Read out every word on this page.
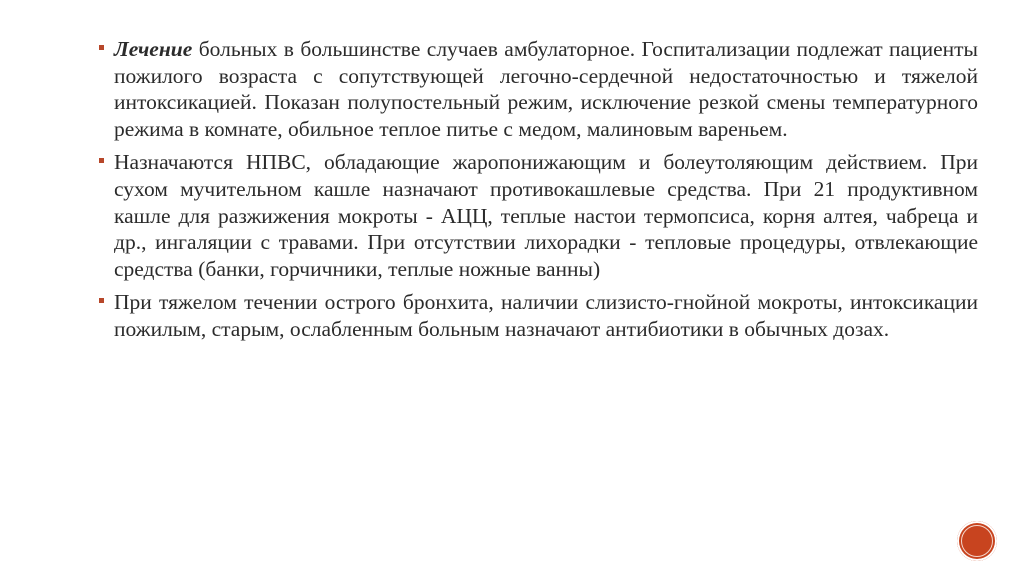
Лечение больных в большинстве случаев амбулаторное. Госпитализации подлежат пациенты пожилого возраста с сопутствующей легочно-сердечной недостаточностью и тяжелой интоксикацией. Показан полупостельный режим, исключение резкой смены температурного режима в комнате, обильное теплое питье с медом, малиновым вареньем.

Назначаются НПВС, обладающие жаропонижающим и болеутоляющим действием. При сухом мучительном кашле назначают противокашлевые средства. При 21 продуктивном кашле для разжижения мокроты - АЦЦ, теплые настои термопсиса, корня алтея, чабреца и др., ингаляции с травами. При отсутствии лихорадки - тепловые процедуры, отвлекающие средства (банки, горчичники, теплые ножные ванны)

При тяжелом течении острого бронхита, наличии слизисто-гнойной мокроты, интоксикации пожилым, старым, ослабленным больным назначают антибиотики в обычных дозах.
